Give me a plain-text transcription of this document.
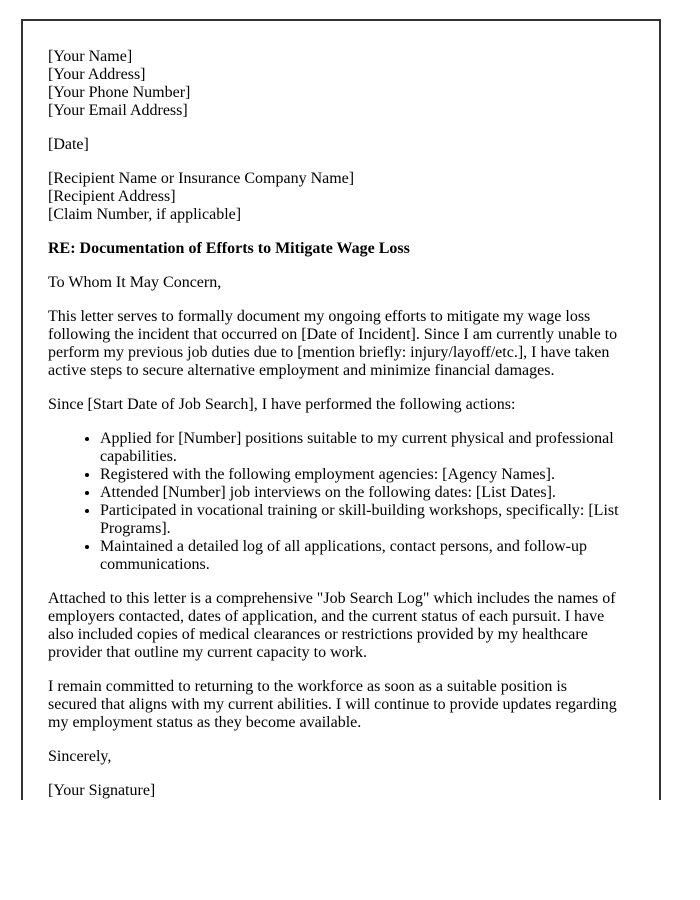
[Your Name]
[Your Address]
[Your Phone Number]
[Your Email Address]

[Date]

[Recipient Name or Insurance Company Name]
[Recipient Address]
[Claim Number, if applicable]

RE: Documentation of Efforts to Mitigate Wage Loss

To Whom It May Concern,

This letter serves to formally document my ongoing efforts to mitigate my wage loss following the incident that occurred on [Date of Incident]. Since I am currently unable to perform my previous job duties due to [mention briefly: injury/layoff/etc.], I have taken active steps to secure alternative employment and minimize financial damages.

Since [Start Date of Job Search], I have performed the following actions:

• Applied for [Number] positions suitable to my current physical and professional capabilities.
• Registered with the following employment agencies: [Agency Names].
• Attended [Number] job interviews on the following dates: [List Dates].
• Participated in vocational training or skill-building workshops, specifically: [List Programs].
• Maintained a detailed log of all applications, contact persons, and follow-up communications.

Attached to this letter is a comprehensive "Job Search Log" which includes the names of employers contacted, dates of application, and the current status of each pursuit. I have also included copies of medical clearances or restrictions provided by my healthcare provider that outline my current capacity to work.

I remain committed to returning to the workforce as soon as a suitable position is secured that aligns with my current abilities. I will continue to provide updates regarding my employment status as they become available.

Sincerely,

[Your Signature]
